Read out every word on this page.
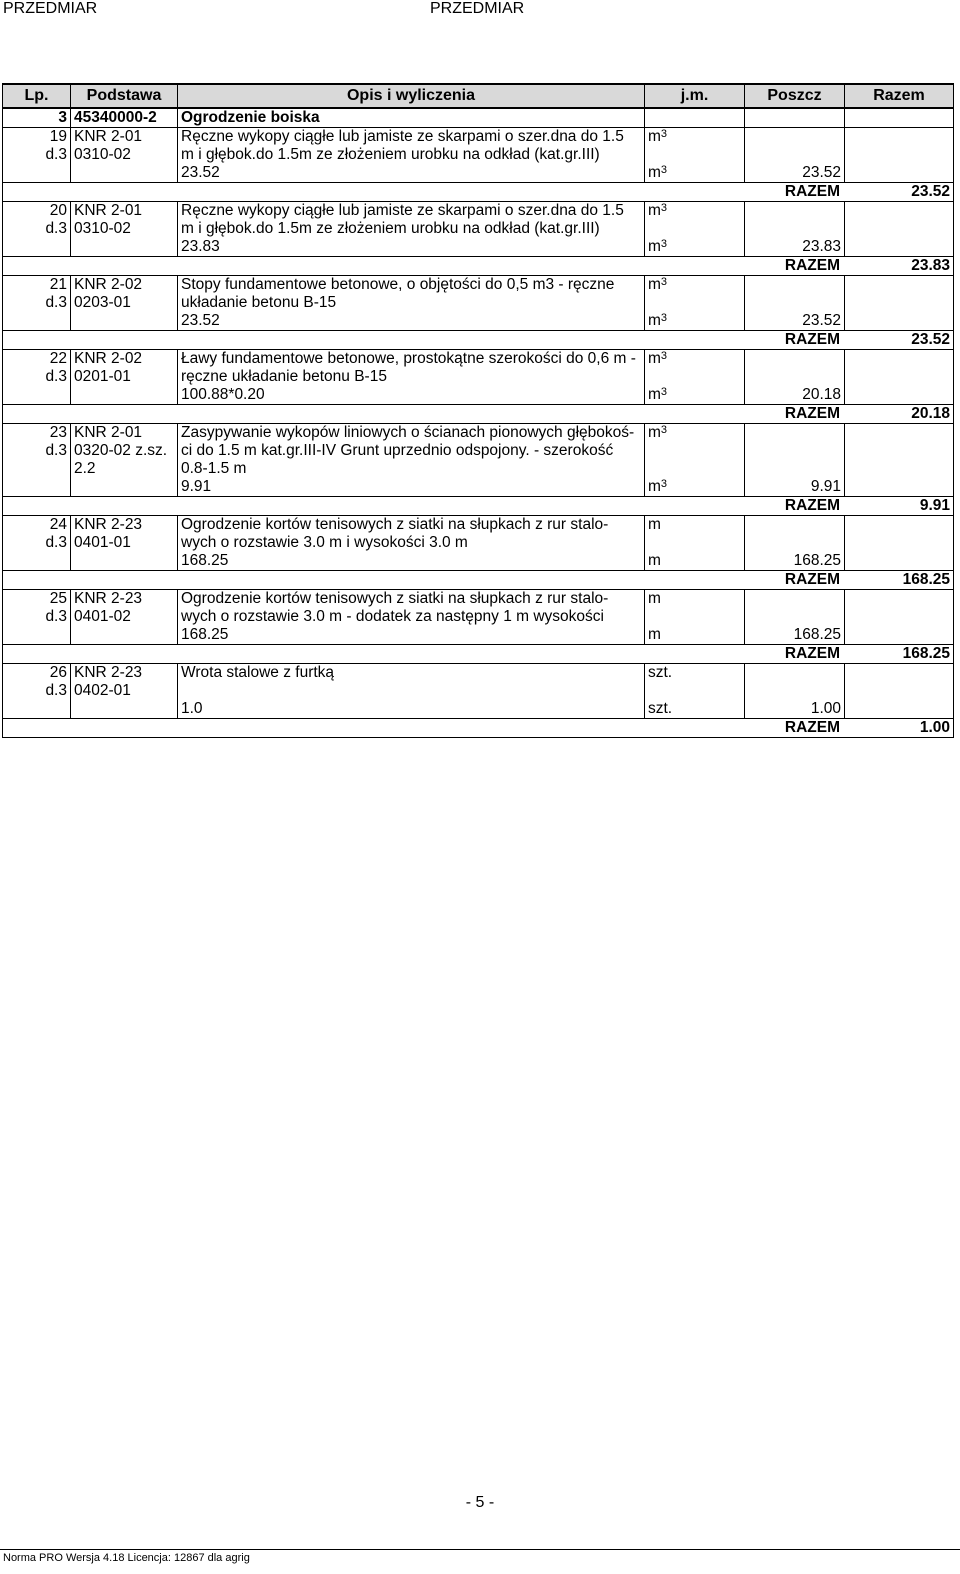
PRZEDMIAR	PRZEDMIAR
Lp.	Podstawa	Opis i wyliczenia	j.m.	Poszcz	Razem
3	45340000-2	Ogrodzenie boiska			
19	KNR 2-01	Ręczne wykopy ciągłe lub jamiste ze skarpami o szer.dna do 1.5	$m^3$		
d.3	0310-02	m i głębok.do 1.5m ze złożeniem urobku na odkład (kat.gr.III)			
		23.52	$m^3$	23.52	

RAZEM 23.52					

20	KNR 2-01	Ręczne wykopy ciągłe lub jamiste ze skarpami o szer.dna do 1.5	$m^3$		
d.3	0310-02	m i głębok.do 1.5m ze złożeniem urobku na odkład (kat.gr.III)			
		23.83	$m^3$	23.83	

RAZEM 23.83					

21	KNR 2-02	Stopy fundamentowe betonowe, o objętości do 0,5 m3 - ręczne	$m^3$		
d.3	0203-01	układanie betonu B-15			
		23.52	$m^3$	23.52	

RAZEM 23.52					

22	KNR 2-02	Ławy fundamentowe betonowe, prostokątne szerokości do 0,6 m -	$m^3$		
d.3	0201-01	ręczne układanie betonu B-15			
		100.88*0.20	$m^3$	20.18	

RAZEM 20.18					

23	KNR 2-01	Zasypywanie wykopów liniowych o ścianach pionowych głębokoś-	$m^3$		
d.3	0320-02 z.sz.	ci do 1.5 m kat.gr.III-IV Grunt uprzednio odspojony. - szerokość			
	2.2	0.8-1.5 m			
		9.91	$m^3$	9.91	

RAZEM 9.91					

24	KNR 2-23	Ogrodzenie kortów tenisowych z siatki na słupkach z rur stalo-	m		
d.3	0401-01	wych o rozstawie 3.0 m i wysokości 3.0 m			
		168.25	m	168.25	

RAZEM 168.25					

25	KNR 2-23	Ogrodzenie kortów tenisowych z siatki na słupkach z rur stalo-	m		
d.3	0401-02	wych o rozstawie 3.0 m - dodatek za następny 1 m wysokości			
		168.25	m	168.25	

RAZEM 168.25					

26	KNR 2-23	Wrota stalowe z furtką	szt.		
d.3	0402-01				
		1.0	szt.	1.00	

RAZEM 1.00					
- 5 -
Norma PRO Wersja 4.18 Licencja: 12867 dla agrig
